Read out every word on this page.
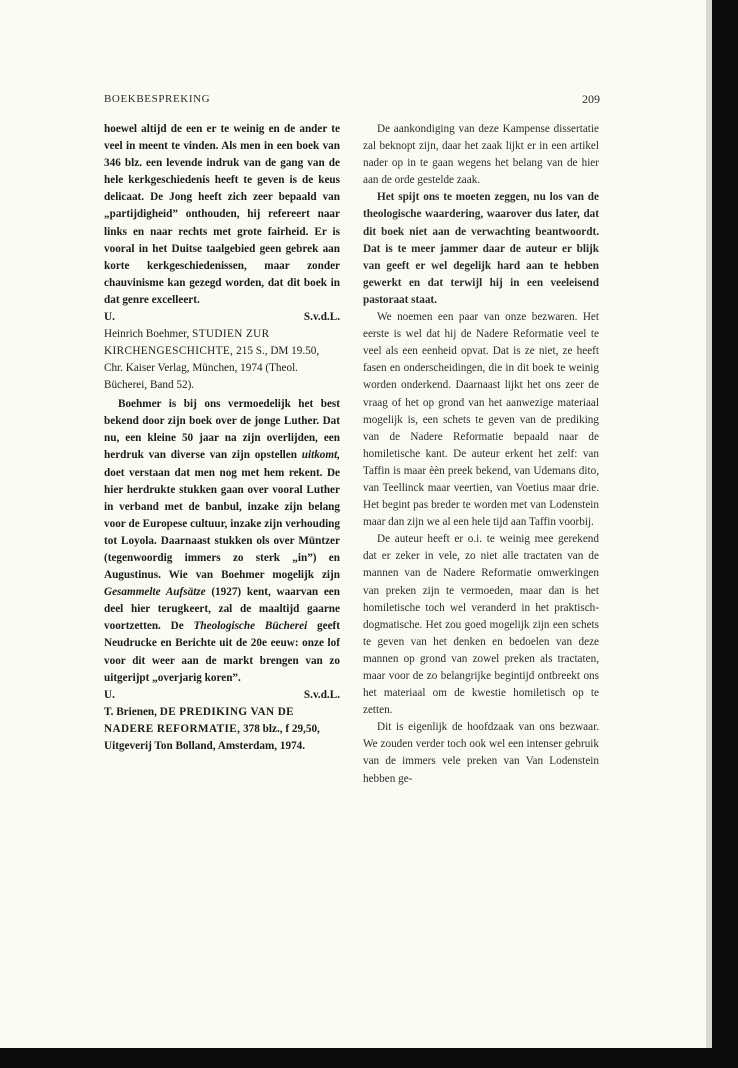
BOEKBESPREKING	209

hoewel altijd de een er te weinig en de ander te veel in meent te vinden. Als men in een boek van 346 blz. een levende indruk van de gang van de hele kerkgeschiedenis heeft te geven is de keus delicaat. De Jong heeft zich zeer bepaald van „partijdigheid” onthouden, hij refereert naar links en naar rechts met grote fairheid. Er is vooral in het Duitse taalgebied geen gebrek aan korte kerkgeschiedenissen, maar zonder chauvinisme kan gezegd worden, dat dit boek in dat genre excelleert.

U.	S.v.d.L.

Heinrich Boehmer, STUDIEN ZUR KIRCHENGESCHICHTE, 215 S., DM 19.50, Chr. Kaiser Verlag, München, 1974 (Theol. Bücherei, Band 52).

Boehmer is bij ons vermoedelijk het best bekend door zijn boek over de jonge Luther. Dat nu, een kleine 50 jaar na zijn overlijden, een herdruk van diverse van zijn opstellen uitkomt, doet verstaan dat men nog met hem rekent. De hier herdrukte stukken gaan over vooral Luther in verband met de banbul, inzake zijn belang voor de Europese cultuur, inzake zijn verhouding tot Loyola. Daarnaast stukken ols over Müntzer (tegenwoordig immers zo sterk „in”) en Augustinus. Wie van Boehmer mogelijk zijn Gesammelte Aufsätze (1927) kent, waarvan een deel hier terugkeert, zal de maaltijd gaarne voortzetten. De Theologische Bücherei geeft Neudrucke en Berichte uit de 20e eeuw: onze lof voor dit weer aan de markt brengen van zo uitgerijpt „overjarig koren”.

U.	S.v.d.L.

T. Brienen, DE PREDIKING VAN DE NADERE REFORMATIE, 378 blz., f 29,50, Uitgeverij Ton Bolland, Amsterdam, 1974.

De aankondiging van deze Kampense dissertatie zal beknopt zijn, daar het zaak lijkt er in een artikel nader op in te gaan wegens het belang van de hier aan de orde gestelde zaak.

Het spijt ons te moeten zeggen, nu los van de theologische waardering, waarover dus later, dat dit boek niet aan de verwachting beantwoordt. Dat is te meer jammer daar de auteur er blijk van geeft er wel degelijk hard aan te hebben gewerkt en dat terwijl hij in een veeleisend pastoraat staat.

We noemen een paar van onze bezwaren. Het eerste is wel dat hij de Nadere Reformatie veel te veel als een eenheid opvat. Dat is ze niet, ze heeft fasen en onderscheidingen, die in dit boek te weinig worden onderkend. Daarnaast lijkt het ons zeer de vraag of het op grond van het aanwezige materiaal mogelijk is, een schets te geven van de prediking van de Nadere Reformatie bepaald naar de homiletische kant. De auteur erkent het zelf: van Taffin is maar èèn preek bekend, van Udemans dito, van Teellinck maar veertien, van Voetius maar drie. Het begint pas breder te worden met van Lodenstein maar dan zijn we al een hele tijd aan Taffin voorbij.

De auteur heeft er o.i. te weinig mee gerekend dat er zeker in vele, zo niet alle tractaten van de mannen van de Nadere Reformatie omwerkingen van preken zijn te vermoeden, maar dan is het homiletische toch wel veranderd in het praktisch-dogmatische. Het zou goed mogelijk zijn een schets te geven van het denken en bedoelen van deze mannen op grond van zowel preken als tractaten, maar voor de zo belangrijke begintijd ontbreekt ons het materiaal om de kwestie homiletisch op te zetten.

Dit is eigenlijk de hoofdzaak van ons bezwaar. We zouden verder toch ook wel een intenser gebruik van de immers vele preken van Van Lodenstein hebben ge-
